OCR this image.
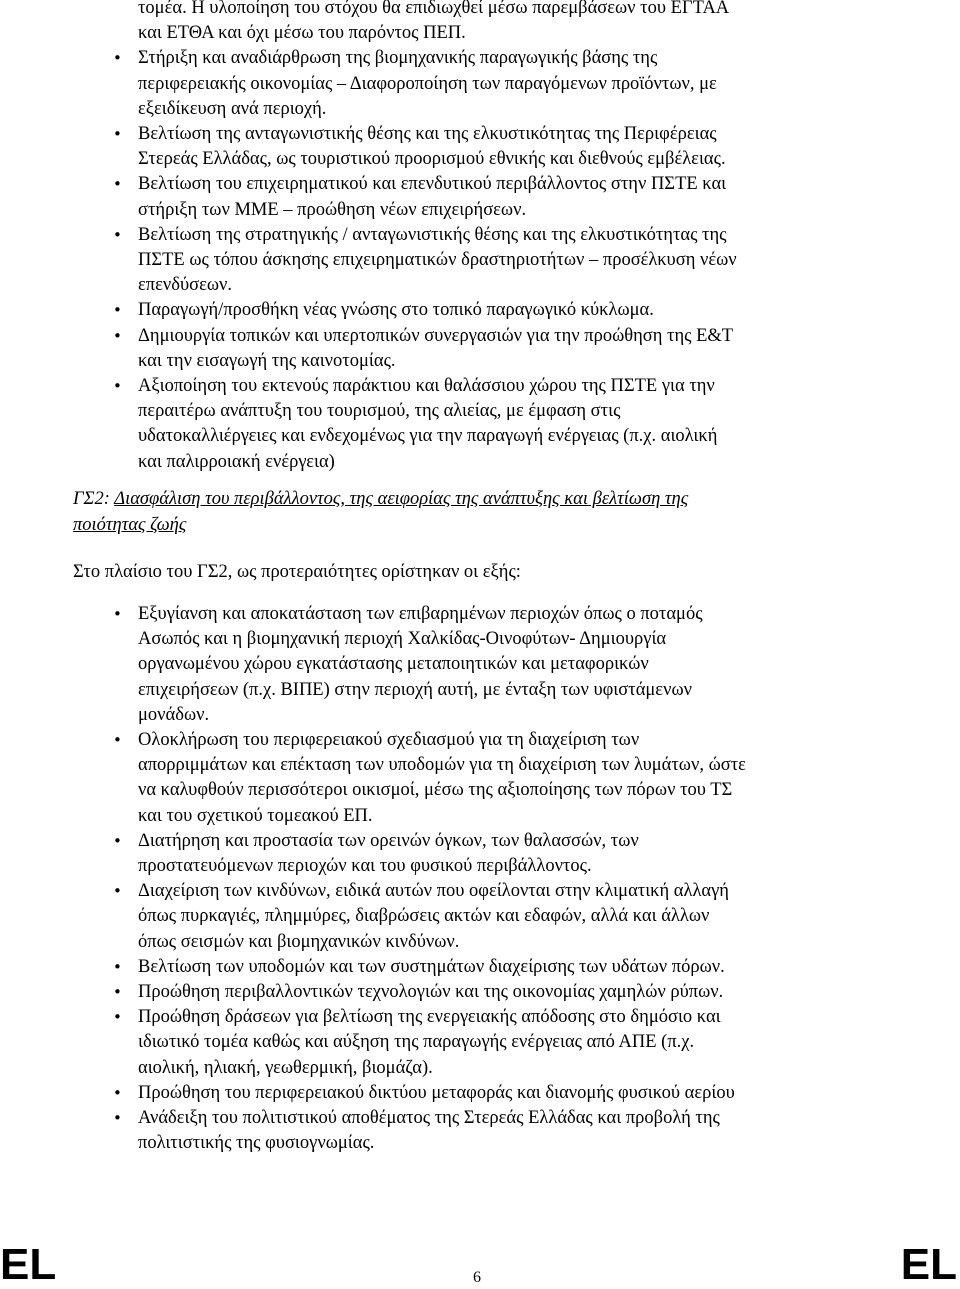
τομέα. Η υλοποίηση του στόχου θα επιδιωχθεί μέσω παρεμβάσεων του ΕΓΤΑΑ
και ΕΤΘΑ και όχι μέσω του παρόντος ΠΕΠ.
• Στήριξη και αναδιάρθρωση της βιομηχανικής παραγωγικής βάσης της
περιφερειακής οικονομίας – Διαφοροποίηση των παραγόμενων προϊόντων, με
εξειδίκευση ανά περιοχή.
• Βελτίωση της ανταγωνιστικής θέσης και της ελκυστικότητας της Περιφέρειας
Στερεάς Ελλάδας, ως τουριστικού προορισμού εθνικής και διεθνούς εμβέλειας.
• Βελτίωση του επιχειρηματικού και επενδυτικού περιβάλλοντος στην ΠΣΤΕ και
στήριξη των ΜΜΕ – προώθηση νέων επιχειρήσεων.
• Βελτίωση της στρατηγικής / ανταγωνιστικής θέσης και της ελκυστικότητας της
ΠΣΤΕ ως τόπου άσκησης επιχειρηματικών δραστηριοτήτων – προσέλκυση νέων
επενδύσεων.
• Παραγωγή/προσθήκη νέας γνώσης στο τοπικό παραγωγικό κύκλωμα.
• Δημιουργία τοπικών και υπερτοπικών συνεργασιών για την προώθηση της Ε&Τ
και την εισαγωγή της καινοτομίας.
• Αξιοποίηση του εκτενούς παράκτιου και θαλάσσιου χώρου της ΠΣΤΕ για την
περαιτέρω ανάπτυξη του τουρισμού, της αλιείας, με έμφαση στις
υδατοκαλλιέργειες και ενδεχομένως για την παραγωγή ενέργειας (π.χ. αιολική
και παλιρροιακή ενέργεια)
ΓΣ2: Διασφάλιση του περιβάλλοντος, της αειφορίας της ανάπτυξης και βελτίωση της
ποιότητας ζωής
Στο πλαίσιο του ΓΣ2, ως προτεραιότητες ορίστηκαν οι εξής:
• Εξυγίανση και αποκατάσταση των επιβαρημένων περιοχών όπως ο ποταμός
Ασωπός και η βιομηχανική περιοχή Χαλκίδας-Οινοφύτων- Δημιουργία
οργανωμένου χώρου εγκατάστασης μεταποιητικών και μεταφορικών
επιχειρήσεων (π.χ. ΒΙΠΕ) στην περιοχή αυτή, με ένταξη των υφιστάμενων
μονάδων.
• Ολοκλήρωση του περιφερειακού σχεδιασμού για τη διαχείριση των
απορριμμάτων και επέκταση των υποδομών για τη διαχείριση των λυμάτων, ώστε
να καλυφθούν περισσότεροι οικισμοί, μέσω της αξιοποίησης των πόρων του ΤΣ
και του σχετικού τομεακού ΕΠ.
• Διατήρηση και προστασία των ορεινών όγκων, των θαλασσών, των
προστατευόμενων περιοχών και του φυσικού περιβάλλοντος.
• Διαχείριση των κινδύνων, ειδικά αυτών που οφείλονται στην κλιματική αλλαγή
όπως πυρκαγιές, πλημμύρες, διαβρώσεις ακτών και εδαφών, αλλά και άλλων
όπως σεισμών και βιομηχανικών κινδύνων.
• Βελτίωση των υποδομών και των συστημάτων διαχείρισης των υδάτων πόρων.
• Προώθηση περιβαλλοντικών τεχνολογιών και της οικονομίας χαμηλών ρύπων.
• Προώθηση δράσεων για βελτίωση της ενεργειακής απόδοσης στο δημόσιο και
ιδιωτικό τομέα καθώς και αύξηση της παραγωγής ενέργειας από ΑΠΕ (π.χ.
αιολική, ηλιακή, γεωθερμική, βιομάζα).
• Προώθηση του περιφερειακού δικτύου μεταφοράς και διανομής φυσικού αερίου
• Ανάδειξη του πολιτιστικού αποθέματος της Στερεάς Ελλάδας και προβολή της
πολιτιστικής της φυσιογνωμίας.
EL	6	EL
